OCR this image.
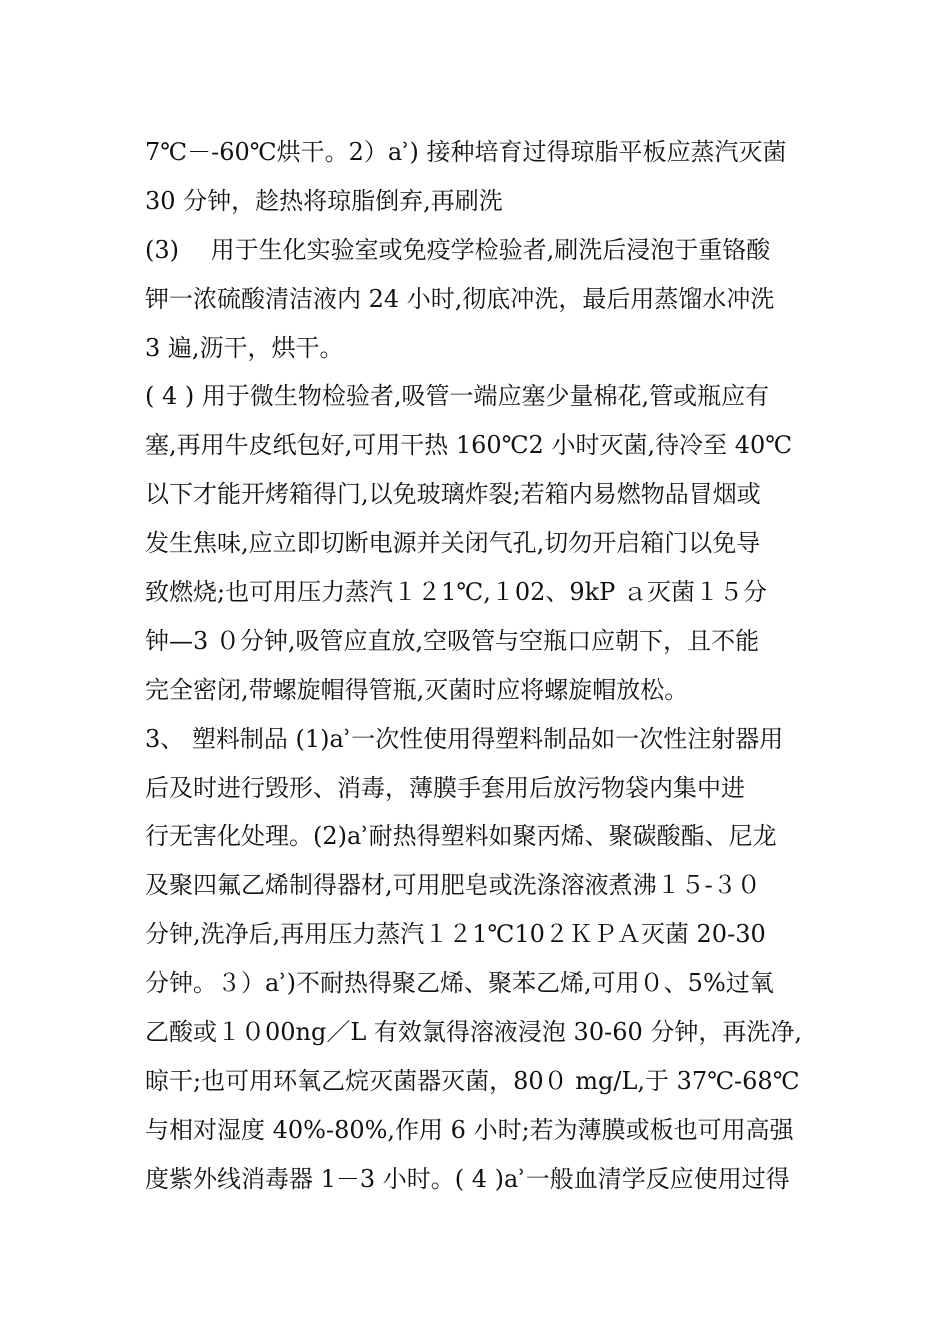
7℃－-60℃烘干。2）ẚ) 接种培育过得琼脂平板应蒸汽灭菌
30 分钟，趁热将琼脂倒弃,再刷洗
(3)　 用于生化实验室或免疫学检验者,刷洗后浸泡于重铬酸
钾一浓硫酸清洁液内 24 小时,彻底冲洗，最后用蒸馏水冲洗
3 遍,沥干，烘干。
( 4 ) 用于微生物检验者,吸管一端应塞少量棉花,管或瓶应有
塞,再用牛皮纸包好,可用干热 160℃2 小时灭菌,待冷至 40℃
以下才能开烤箱得门,以免玻璃炸裂;若箱内易燃物品冒烟或
发生焦味,应立即切断电源并关闭气孔,切勿开启箱门以免导
致燃烧;也可用压力蒸汽１２1℃,１02、9kP ａ灭菌１５分
钟—3 ０分钟,吸管应直放,空吸管与空瓶口应朝下，且不能
完全密闭,带螺旋帽得管瓶,灭菌时应将螺旋帽放松。
3、 塑料制品 (1)ẚ一次性使用得塑料制品如一次性注射器用
后及时进行毁形、消毒，薄膜手套用后放污物袋内集中进
行无害化处理。(2)ẚ耐热得塑料如聚丙烯、聚碳酸酯、尼龙
及聚四氟乙烯制得器材,可用肥皂或洗涤溶液煮沸１５-３０
分钟,洗净后,再用压力蒸汽１２1℃10２ＫＰＡ灭菌 20-30
分钟。３）ẚ)不耐热得聚乙烯、聚苯乙烯,可用０、5%过氧
乙酸或１０00ng／L 有效氯得溶液浸泡 30-60 分钟，再洗净,
晾干;也可用环氧乙烷灭菌器灭菌，80０ mg/L,于 37℃-68℃
与相对湿度 40%-80%,作用 6 小时;若为薄膜或板也可用高强
度紫外线消毒器 1－3 小时。( 4 )ẚ一般血清学反应使用过得
